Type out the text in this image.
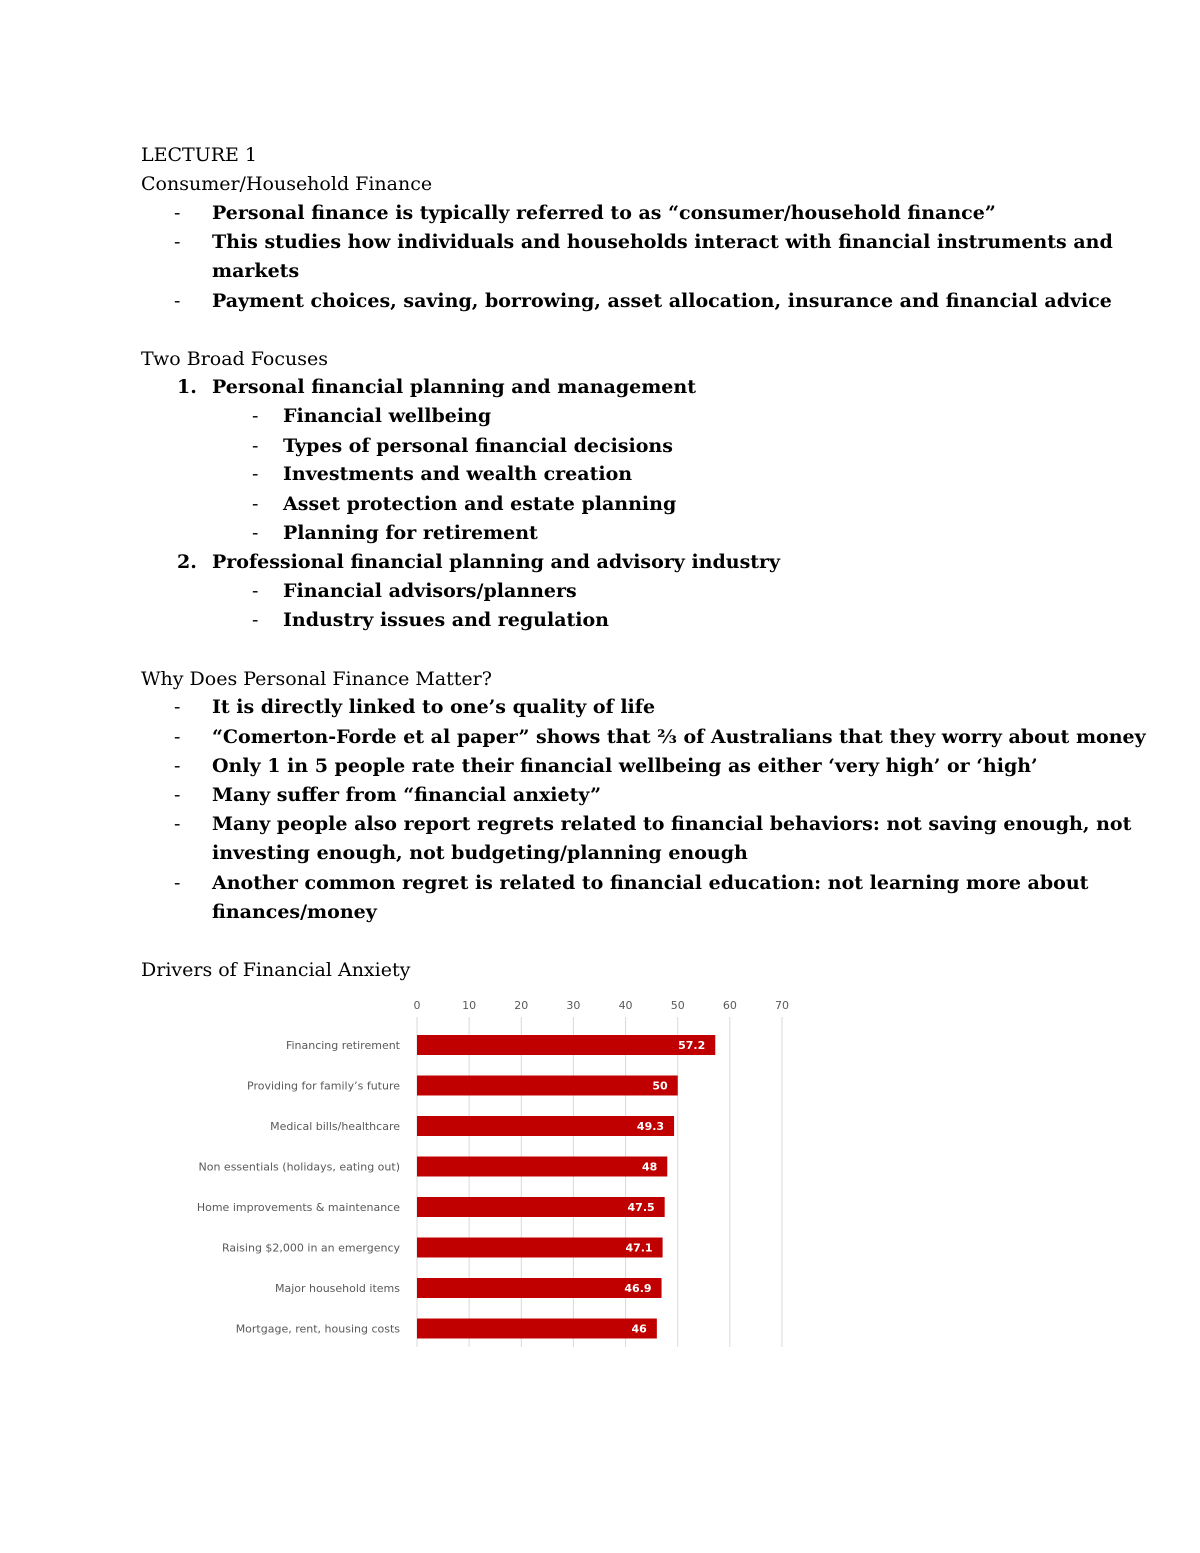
LECTURE 1
Consumer/Household Finance
- Personal finance is typically referred to as “consumer/household finance”
- This studies how individuals and households interact with financial instruments and
markets
- Payment choices, saving, borrowing, asset allocation, insurance and financial advice
Two Broad Focuses
1. Personal financial planning and management
- Financial wellbeing
- Types of personal financial decisions
- Investments and wealth creation
- Asset protection and estate planning
- Planning for retirement
2. Professional financial planning and advisory industry
- Financial advisors/planners
- Industry issues and regulation
Why Does Personal Finance Matter?
- It is directly linked to one’s quality of life
- “Comerton-Forde et al paper” shows that ⅔ of Australians that they worry about money
- Only 1 in 5 people rate their financial wellbeing as either ‘very high’ or ‘high’
- Many suffer from “financial anxiety”
- Many people also report regrets related to financial behaviors: not saving enough, not
investing enough, not budgeting/planning enough
- Another common regret is related to financial education: not learning more about
finances/money
Drivers of Financial Anxiety
0	10	20	30	40	50	60	70
Financing retirement	57.2
Providing for family’s future	50
Medical bills/healthcare	49.3
Non essentials (holidays, eating out)	48
Home improvements & maintenance	47.5
Raising $2,000 in an emergency	47.1
Major household items	46.9
Mortgage, rent, housing costs	46
